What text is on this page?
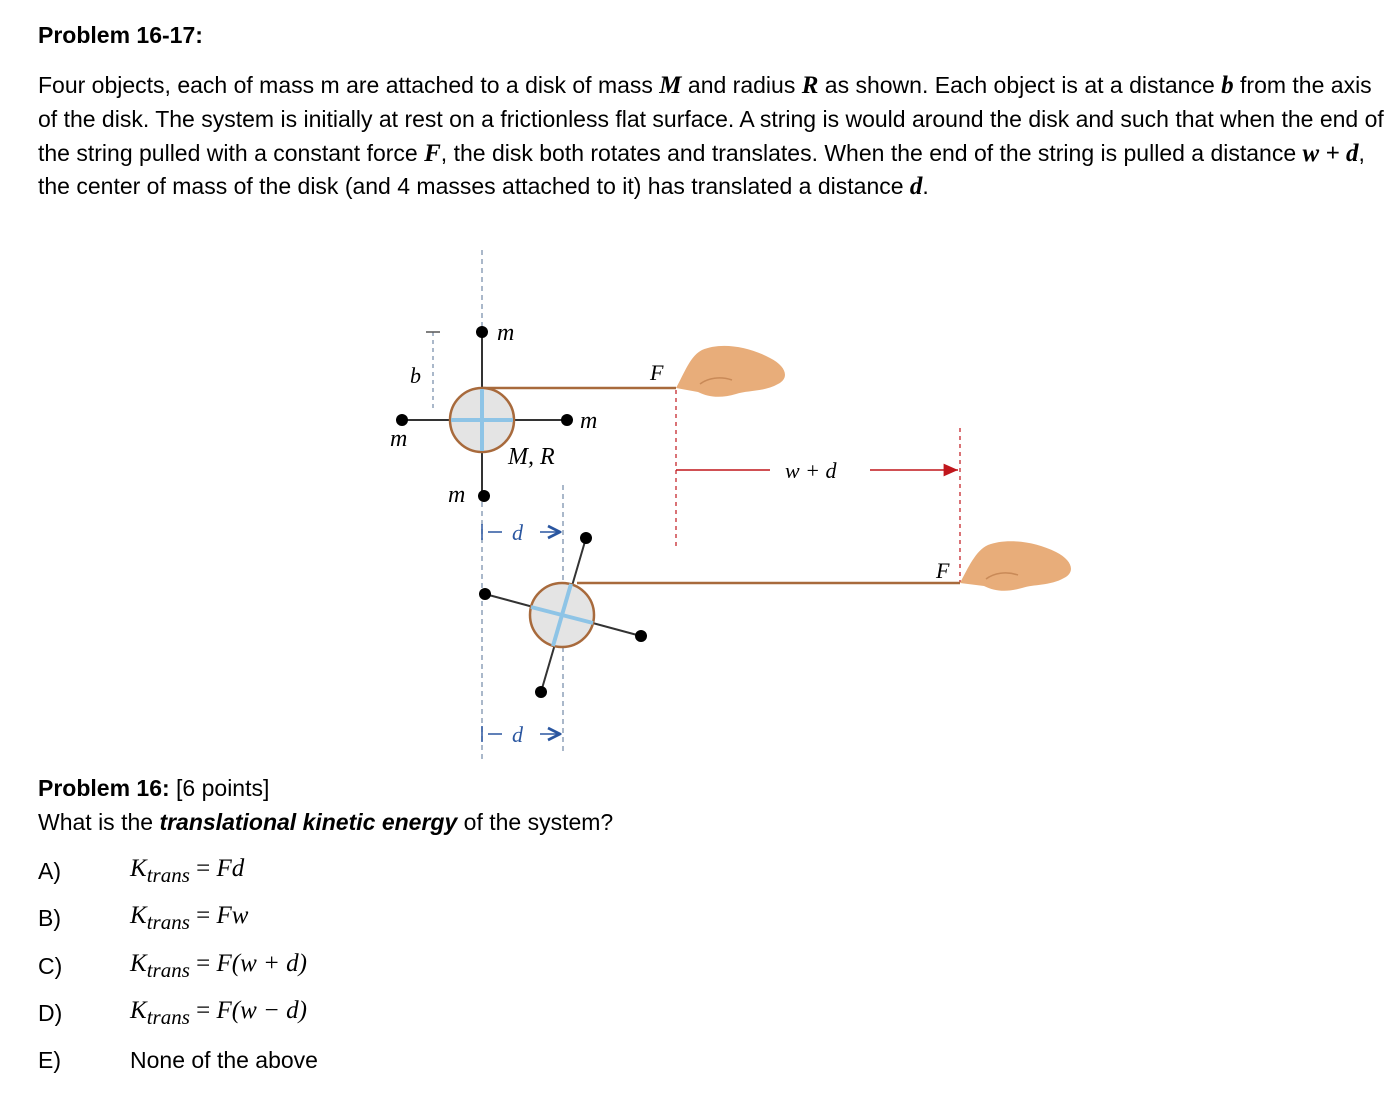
Problem 16-17:
Four objects, each of mass m are attached to a disk of mass M and radius R as shown. Each object is at a distance b from the axis of the disk. The system is initially at rest on a frictionless flat surface. A string is would around the disk and such that when the end of the string pulled with a constant force F, the disk both rotates and translates. When the end of the string is pulled a distance w + d, the center of mass of the disk (and 4 masses attached to it) has translated a distance d.
b
m
m
m
m
M, R
F
w + d
d
d
F
Problem 16: [6 points]
What is the translational kinetic energy of the system?
A)	$K_{trans} = Fd$
B)	$K_{trans} = Fw$
C)	$K_{trans} = F(w + d)$
D)	$K_{trans} = F(w - d)$
E)	None of the above
